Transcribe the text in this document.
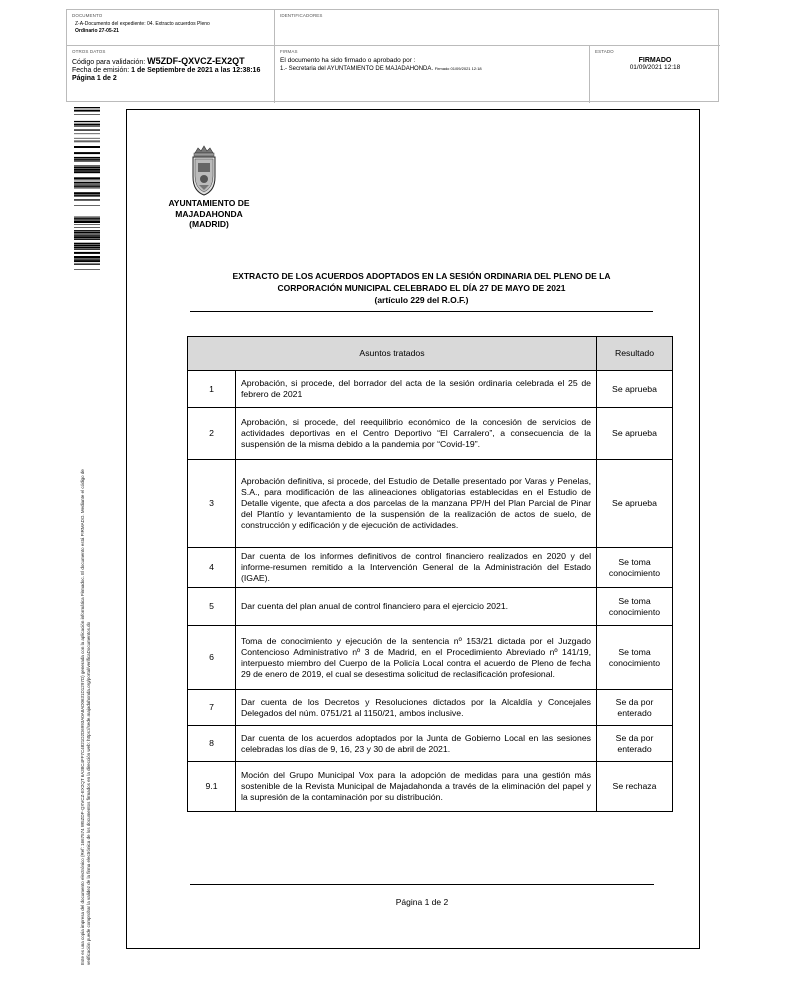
DOCUMENTO
Z-A-Documento del expediente: 04. Extracto acuerdos Pleno
Ordinario 27-05-21
IDENTIFICADORES
OTROS DATOS
Código para validación: W5ZDF-QXVCZ-EX2QT
Fecha de emisión: 1 de Septiembre de 2021 a las 12:38:16
Página 1 de 2
FIRMAS
El documento ha sido firmado o aprobado por :
1.- Secretaria del AYUNTAMIENTO DE MAJADAHONDA. Firmado 01/09/2021 12:18
ESTADO
FIRMADO
01/09/2021 12:18
Este es una copia impresa del documento electrónico (Ref: 1667574 W5ZDF-QXVCZ-EX2QT 6A38C4FF7C4821D2D6993A0A8AD0631D1297D) generada con la aplicación informática Firmadoc. El documento está FIRMADO. Mediante el código de verificación puede comprobar la validez de la firma electrónica de los documentos firmados en la dirección web: https://sede.majadahonda.org/portal/verificaDocumentos.do
AYUNTAMIENTO DE
MAJADAHONDA
(MADRID)
EXTRACTO DE LOS ACUERDOS ADOPTADOS EN LA SESIÓN ORDINARIA DEL PLENO DE LA
CORPORACIÓN MUNICIPAL CELEBRADO EL DÍA 27 DE MAYO DE 2021
(artículo 229 del R.O.F.)
Asuntos tratados		Resultado
1	Aprobación, si procede, del borrador del acta de la sesión ordinaria celebrada el 25 de febrero de 2021	Se aprueba
2	Aprobación, si procede, del reequilibrio económico de la concesión de servicios de actividades deportivas en el Centro Deportivo “El Carralero”, a consecuencia de la suspensión de la misma debido a la pandemia por “Covid-19”.	Se aprueba
3	Aprobación definitiva, si procede, del Estudio de Detalle presentado por Varas y Penelas, S.A., para modificación de las alineaciones obligatorias establecidas en el Estudio de Detalle vigente, que afecta a dos parcelas de la manzana PP/H del Plan Parcial de Pinar del Plantío y levantamiento de la suspensión de la realización de actos de suelo, de construcción y edificación y de ejecución de actividades.	Se aprueba
4	Dar cuenta de los informes definitivos de control financiero realizados en 2020 y del informe-resumen remitido a la Intervención General de la Administración del Estado (IGAE).	Se toma conocimiento
5	Dar cuenta del plan anual de control financiero para el ejercicio 2021.	Se toma conocimiento
6	Toma de conocimiento y ejecución de la sentencia nº 153/21 dictada por el Juzgado Contencioso Administrativo nº 3 de Madrid, en el Procedimiento Abreviado nº 141/19, interpuesto miembro del Cuerpo de la Policía Local contra el acuerdo de Pleno de fecha 29 de enero de 2019, el cual se desestima solicitud de reclasificación profesional.	Se toma conocimiento
7	Dar cuenta de los Decretos y Resoluciones dictados por la Alcaldía y Concejales Delegados del núm. 0751/21 al 1150/21, ambos inclusive.	Se da por enterado
8	Dar cuenta de los acuerdos adoptados por la Junta de Gobierno Local en las sesiones celebradas los días de 9, 16, 23 y 30 de abril de 2021.	Se da por enterado
9.1	Moción del Grupo Municipal Vox para la adopción de medidas para una gestión más sostenible de la Revista Municipal de Majadahonda a través de la eliminación del papel y la supresión de la contaminación por su distribución.	Se rechaza
Página 1 de 2
